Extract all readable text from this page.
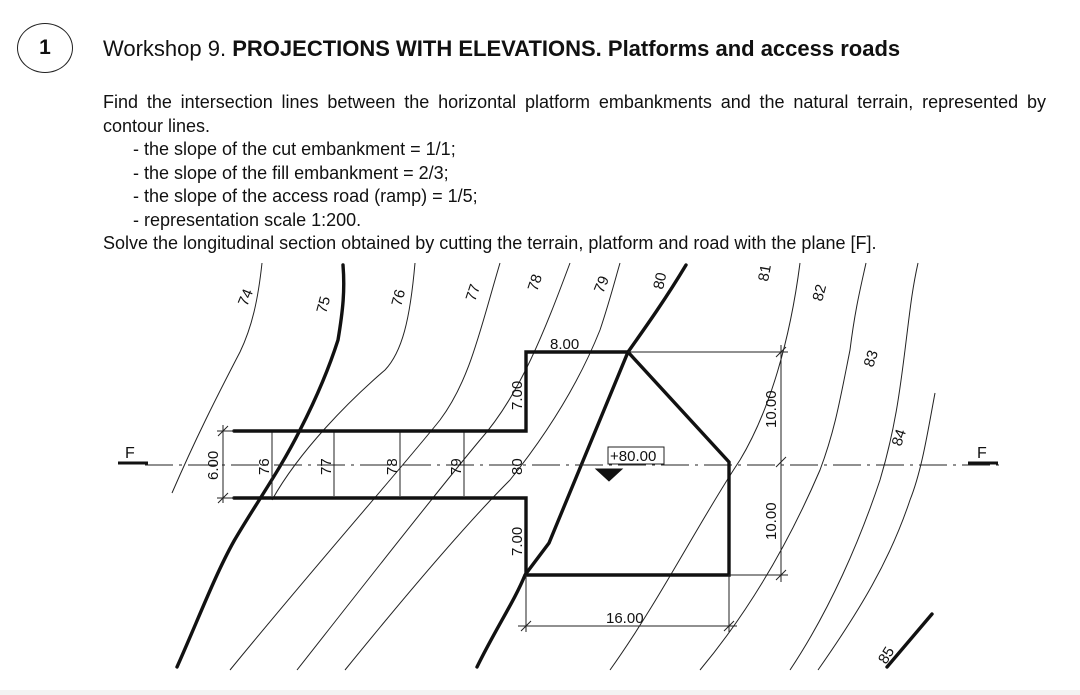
1 Workshop 9. PROJECTIONS WITH ELEVATIONS. Platforms and access roads
Find the intersection lines between the horizontal platform embankments and the natural terrain, represented by contour lines.
- the slope of the cut embankment = 1/1;
- the slope of the fill embankment = 2/3;
- the slope of the access road (ramp) = 1/5;
- representation scale 1:200.
Solve the longitudinal section obtained by cutting the terrain, platform and road with the plane [F].
F	F
+80.00
8.00
16.00
6.00
7.00
7.00
10.00
10.00
76	77	78	79	80
74	75	76	77	78	79 80	81
82
83
84
85
